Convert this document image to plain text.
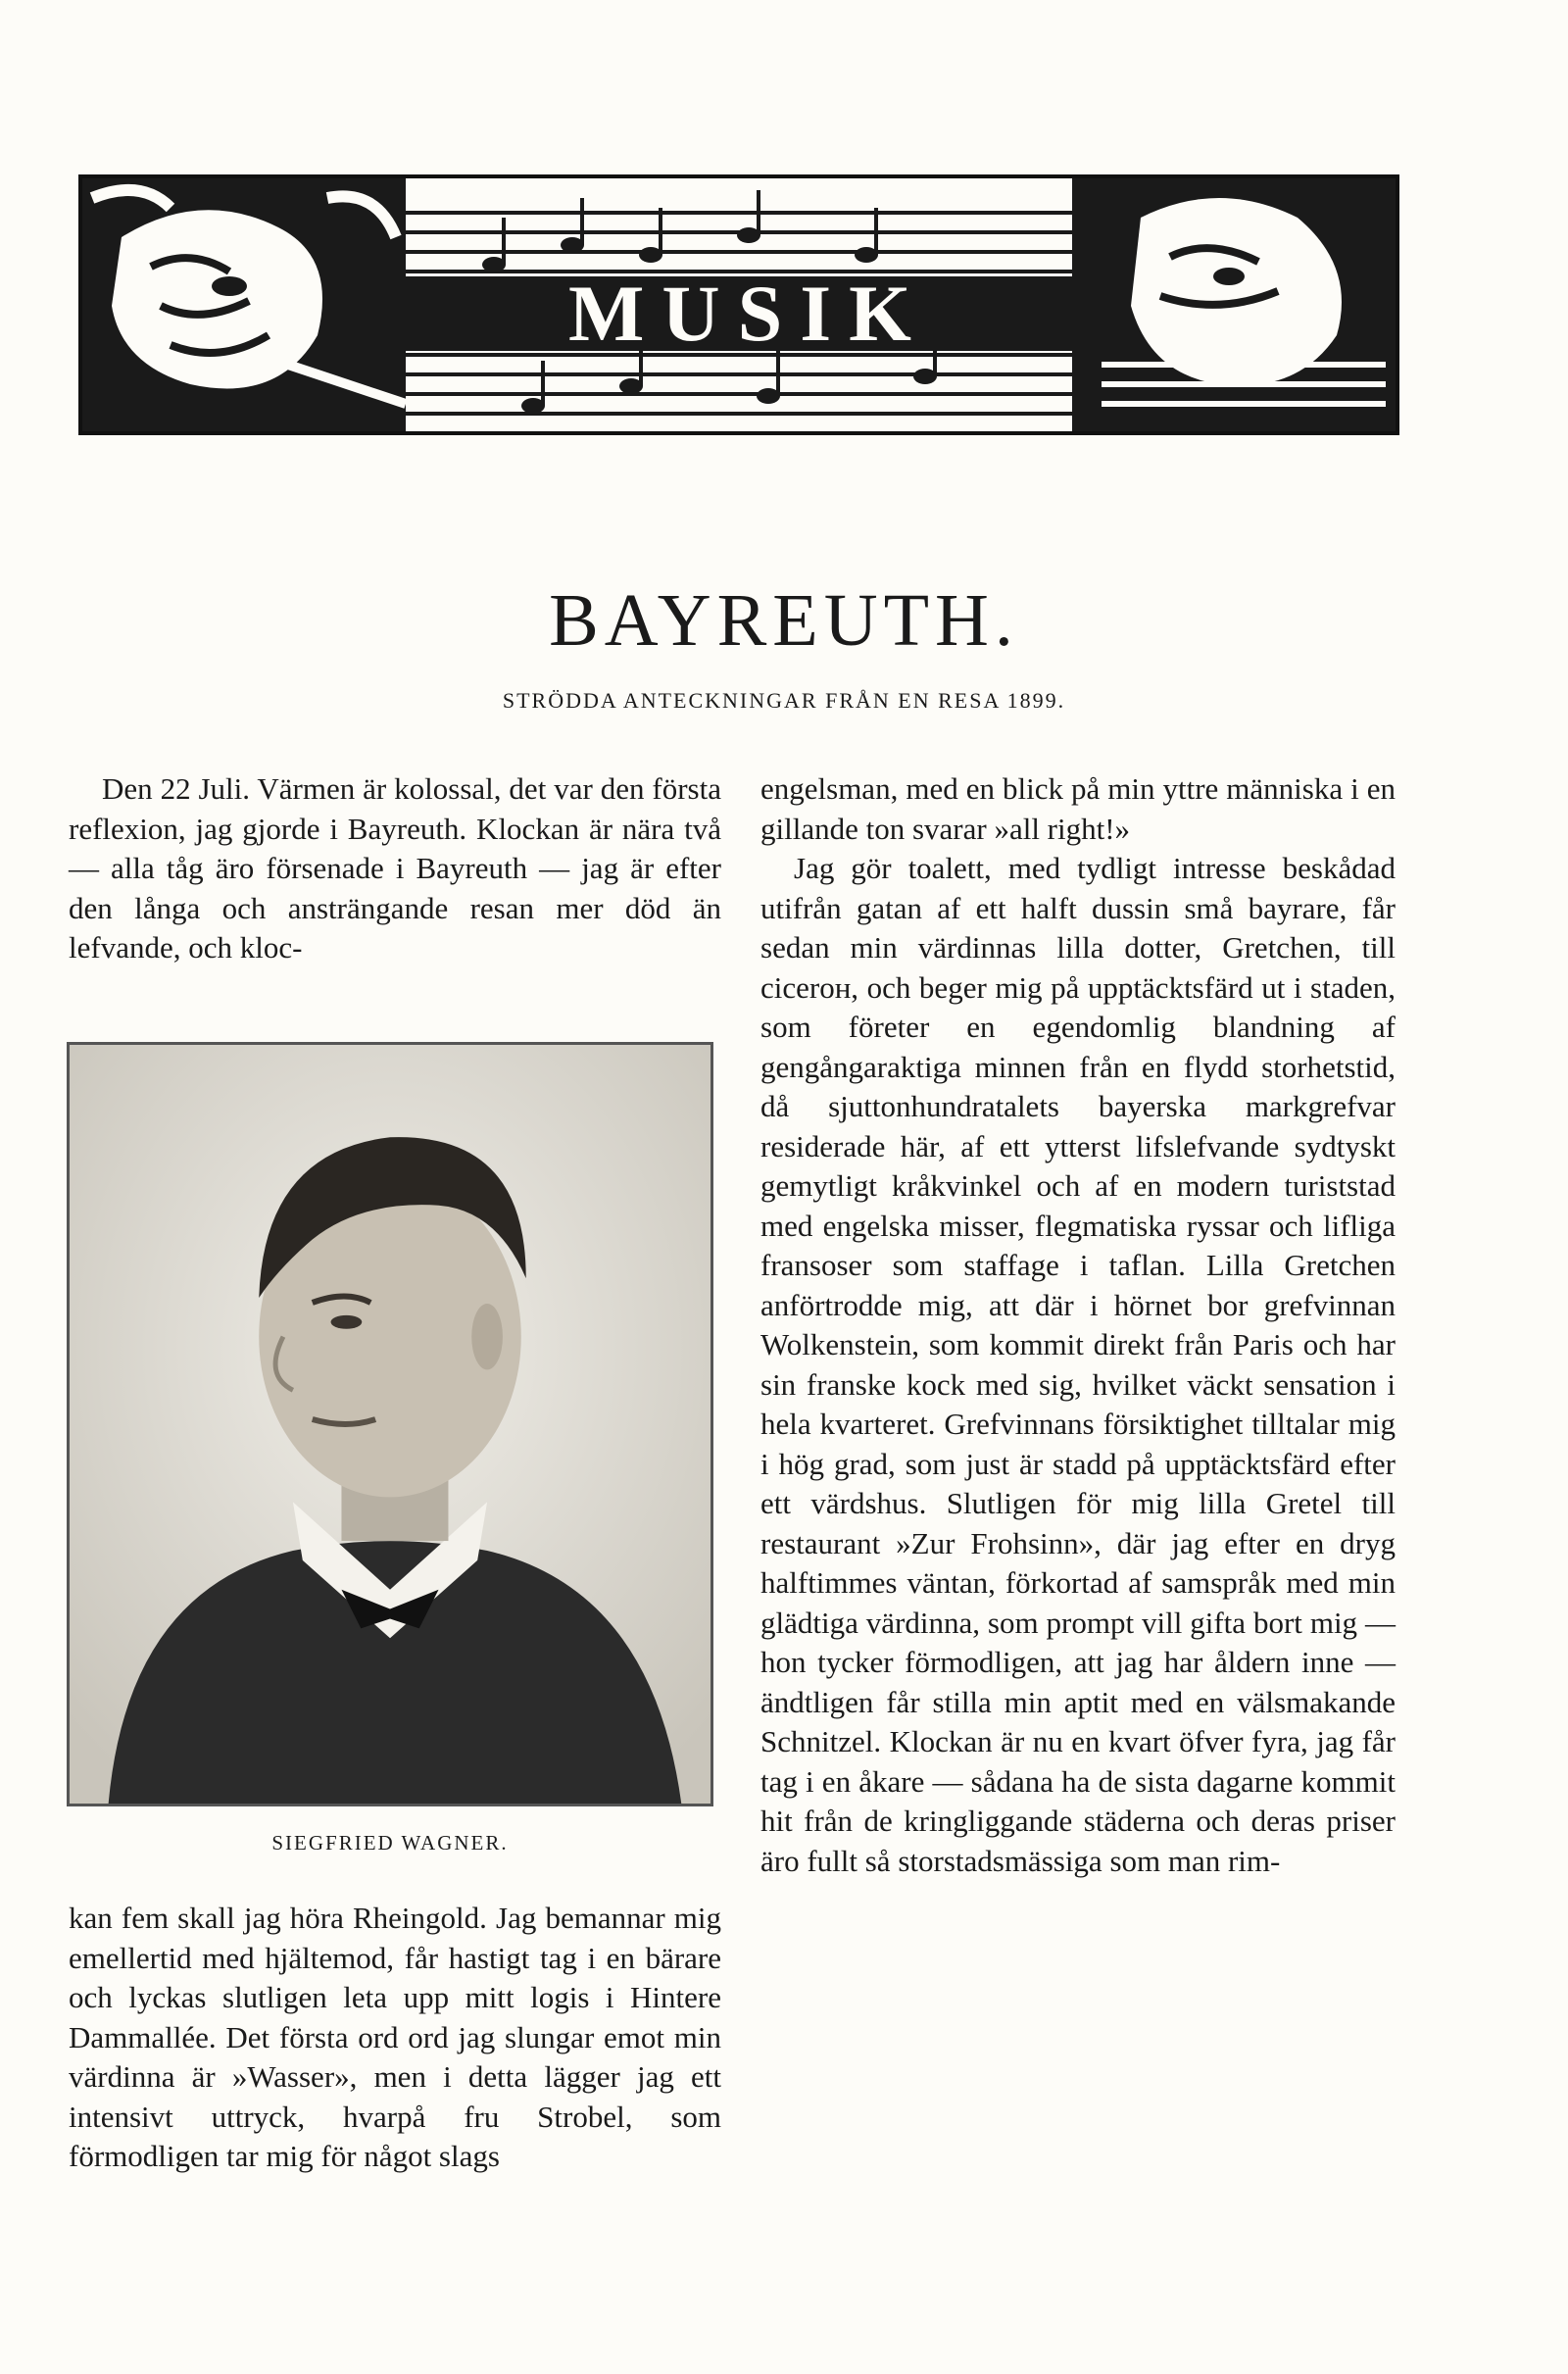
MUSIK
BAYREUTH.
STRÖDDA ANTECKNINGAR FRÅN EN RESA 1899.

Den 22 Juli. Värmen är kolossal, det var den första reflexion, jag gjorde i Bayreuth. Klockan är nära två — alla tåg äro försenade i Bayreuth — jag är efter den långa och ansträngande resan mer död än lefvande, och kloc-

SIEGFRIED WAGNER.

kan fem skall jag höra Rheingold. Jag bemannar mig emellertid med hjältemod, får hastigt tag i en bärare och lyckas slutligen leta upp mitt logis i Hintere Dammallée. Det första ord ord jag slungar emot min värdinna är »Wasser», men i detta lägger jag ett intensivt uttryck, hvarpå fru Strobel, som förmodligen tar mig för något slags

engelsman, med en blick på min yttre människa i en gillande ton svarar »all right!»

Jag gör toalett, med tydligt intresse beskådad utifrån gatan af ett halft dussin små bayrare, får sedan min värdinnas lilla dotter, Gretchen, till cicerон, och beger mig på upptäcktsfärd ut i staden, som företer en egendomlig blandning af gengångaraktiga minnen från en flydd storhetstid, då sjuttonhundratalets bayerska markgrefvar residerade här, af ett ytterst lifslefvande sydtyskt gemytligt kråkvinkel och af en modern turiststad med engelska misser, flegmatiska ryssar och lifliga fransoser som staffage i taflan. Lilla Gretchen anförtrodde mig, att där i hörnet bor grefvinnan Wolkenstein, som kommit direkt från Paris och har sin franske kock med sig, hvilket väckt sensation i hela kvarteret. Grefvinnans försiktighet tilltalar mig i hög grad, som just är stadd på upptäcktsfärd efter ett värdshus. Slutligen för mig lilla Gretel till restaurant »Zur Frohsinn», där jag efter en dryg halftimmes väntan, förkortad af samspråk med min glädtiga värdinna, som prompt vill gifta bort mig — hon tycker förmodligen, att jag har åldern inne — ändtligen får stilla min aptit med en välsmakande Schnitzel. Klockan är nu en kvart öfver fyra, jag får tag i en åkare — sådana ha de sista dagarne kommit hit från de kringliggande städerna och deras priser äro fullt så storstadsmässiga som man rim-
